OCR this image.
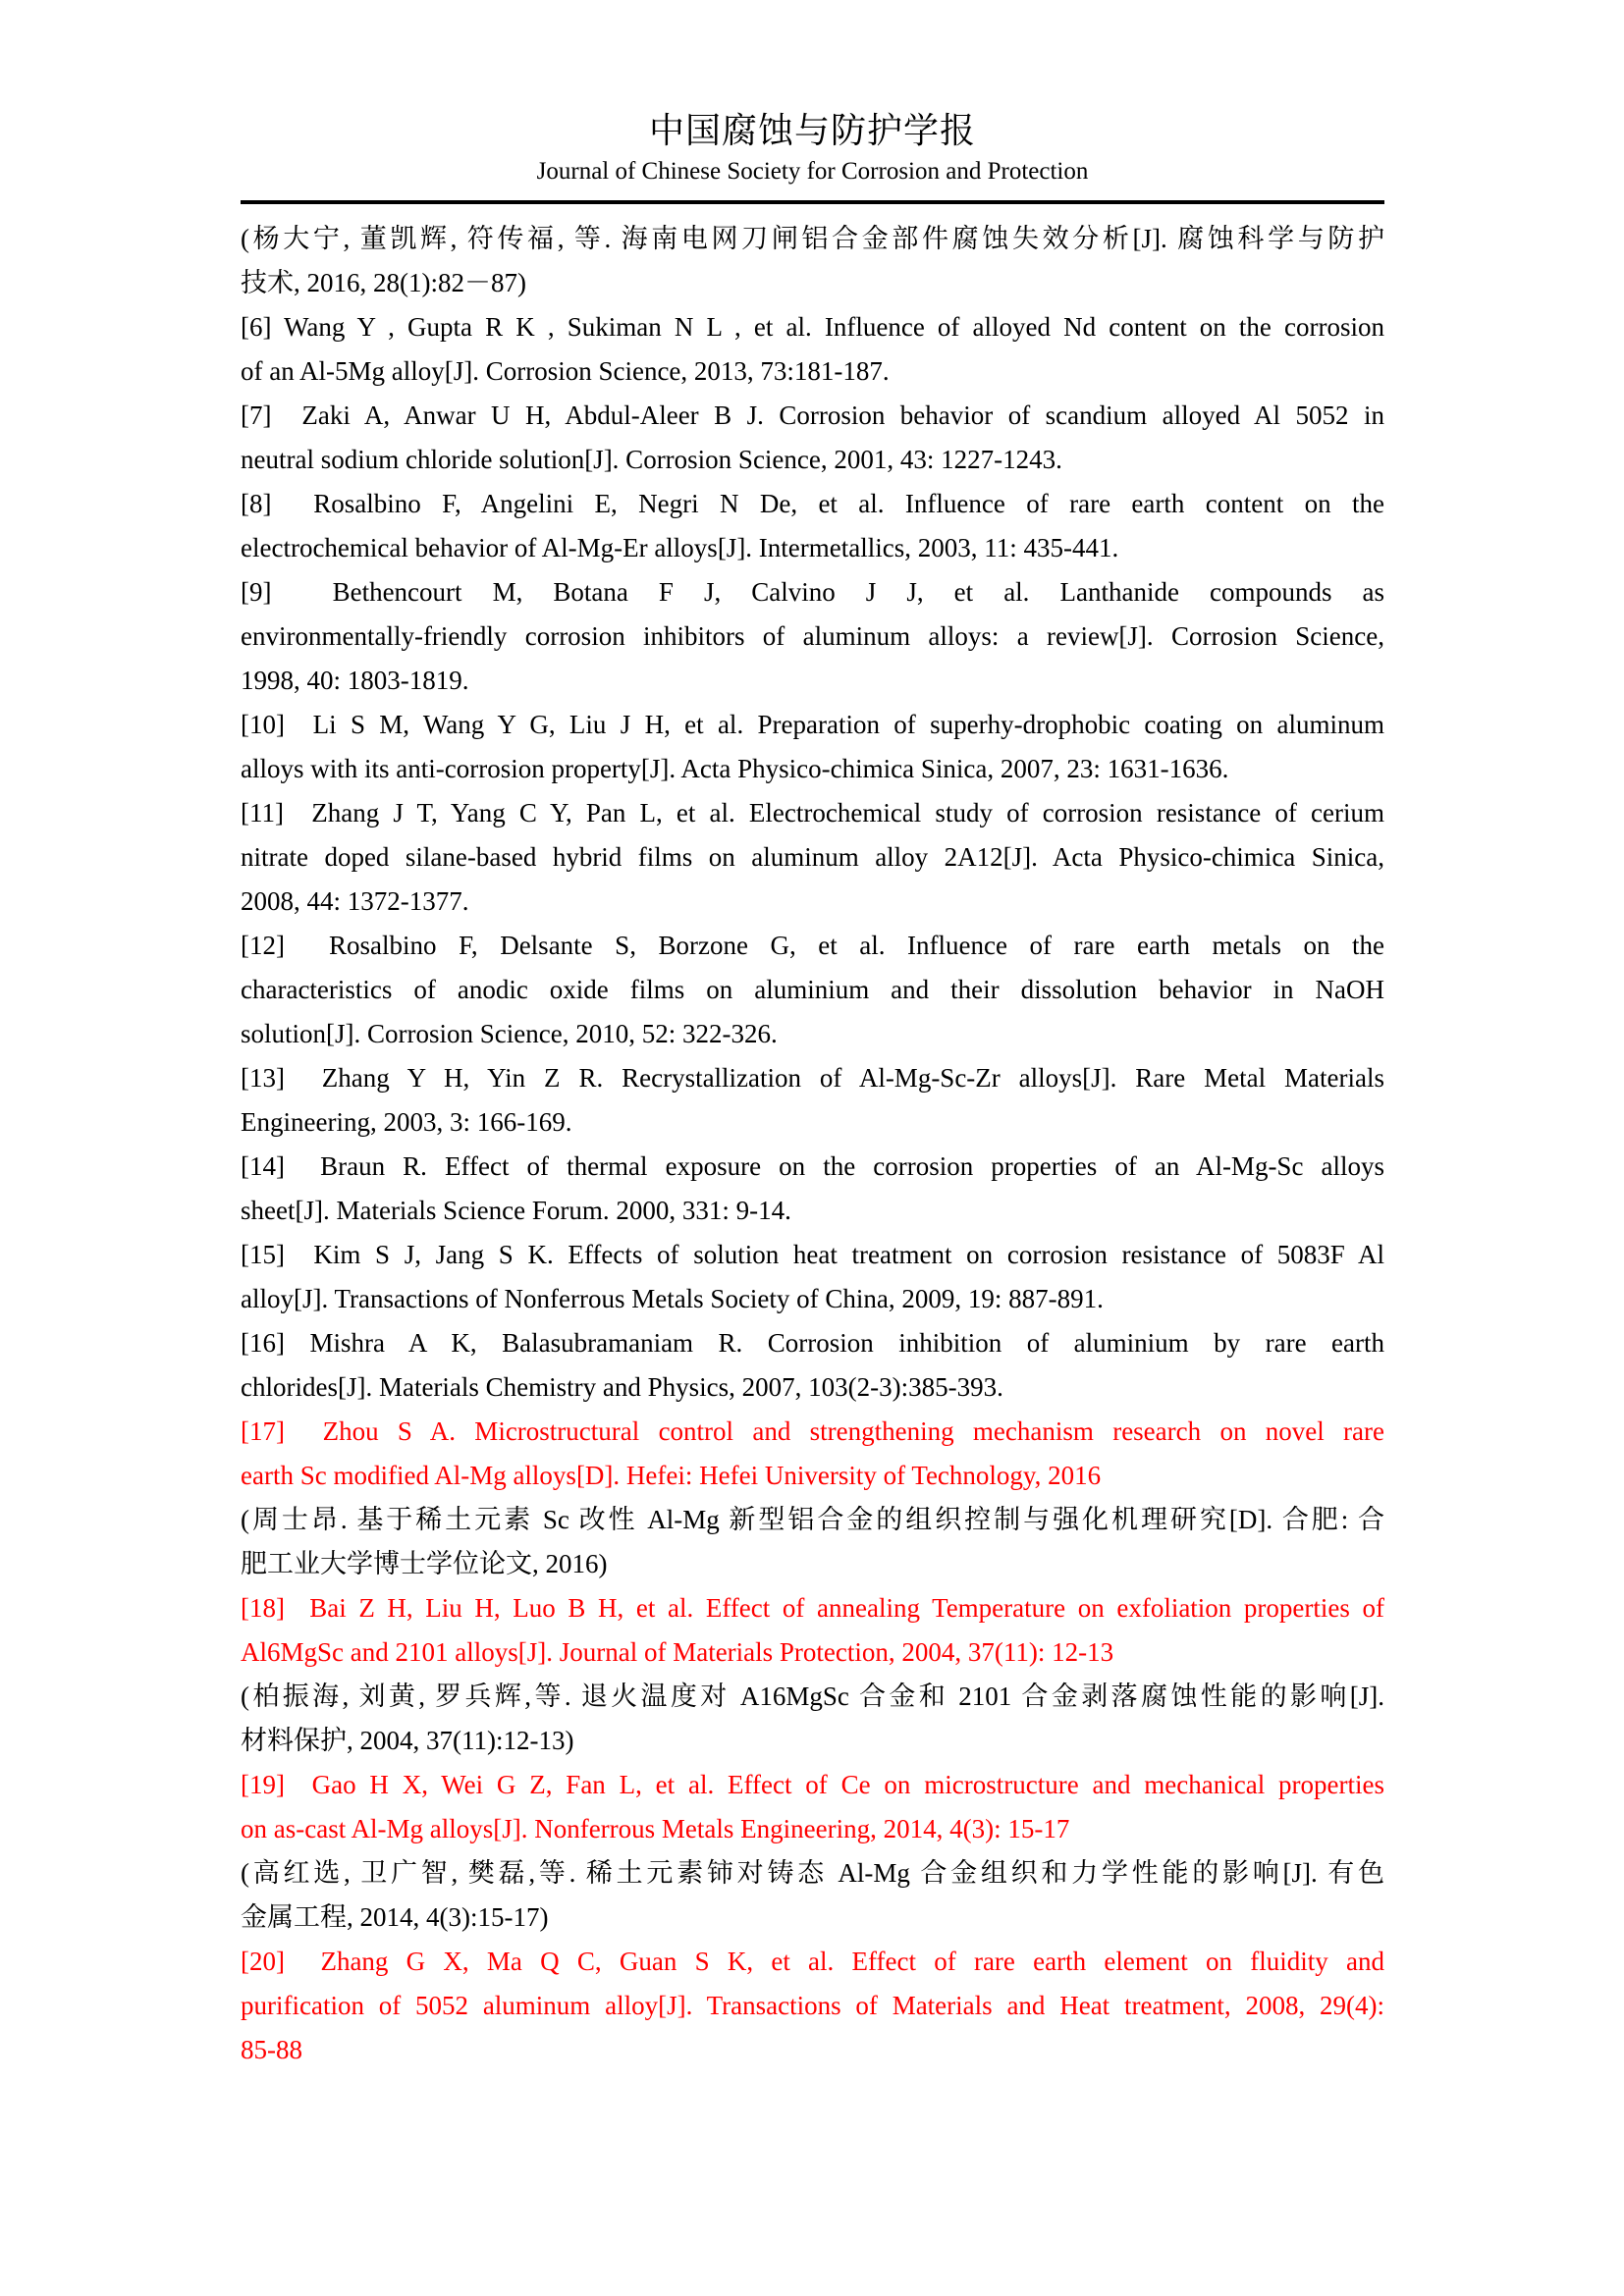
中国腐蚀与防护学报
Journal of Chinese Society for Corrosion and Protection
(杨大宁, 董凯辉, 符传福, 等. 海南电网刀闸铝合金部件腐蚀失效分析[J]. 腐蚀科学与防护
技术, 2016, 28(1):82－87)
[6] Wang Y , Gupta R K , Sukiman N L , et al. Influence of alloyed Nd content on the corrosion
of an Al-5Mg alloy[J]. Corrosion Science, 2013, 73:181-187.
[7]  Zaki A, Anwar U H, Abdul-Aleer B J. Corrosion behavior of scandium alloyed Al 5052 in
neutral sodium chloride solution[J]. Corrosion Science, 2001, 43: 1227-1243.
[8]  Rosalbino F, Angelini E, Negri N De, et al. Influence of rare earth content on the
electrochemical behavior of Al-Mg-Er alloys[J]. Intermetallics, 2003, 11: 435-441.
[9]  Bethencourt M, Botana F J, Calvino J J, et al. Lanthanide compounds as
environmentally-friendly corrosion inhibitors of aluminum alloys: a review[J]. Corrosion Science,
1998, 40: 1803-1819.
[10]  Li S M, Wang Y G, Liu J H, et al. Preparation of superhy-drophobic coating on aluminum
alloys with its anti-corrosion property[J]. Acta Physico-chimica Sinica, 2007, 23: 1631-1636.
[11]  Zhang J T, Yang C Y, Pan L, et al. Electrochemical study of corrosion resistance of cerium
nitrate doped silane-based hybrid films on aluminum alloy 2A12[J]. Acta Physico-chimica Sinica,
2008, 44: 1372-1377.
[12]  Rosalbino F, Delsante S, Borzone G, et al. Influence of rare earth metals on the
characteristics of anodic oxide films on aluminium and their dissolution behavior in NaOH
solution[J]. Corrosion Science, 2010, 52: 322-326.
[13]  Zhang Y H, Yin Z R. Recrystallization of Al-Mg-Sc-Zr alloys[J]. Rare Metal Materials
Engineering, 2003, 3: 166-169.
[14]  Braun R. Effect of thermal exposure on the corrosion properties of an Al-Mg-Sc alloys
sheet[J]. Materials Science Forum. 2000, 331: 9-14.
[15]  Kim S J, Jang S K. Effects of solution heat treatment on corrosion resistance of 5083F Al
alloy[J]. Transactions of Nonferrous Metals Society of China, 2009, 19: 887-891.
[16] Mishra A K, Balasubramaniam R. Corrosion inhibition of aluminium by rare earth
chlorides[J]. Materials Chemistry and Physics, 2007, 103(2-3):385-393.
[17]  Zhou S A. Microstructural control and strengthening mechanism research on novel rare
earth Sc modified Al-Mg alloys[D]. Hefei: Hefei University of Technology, 2016
(周士昂. 基于稀土元素 Sc 改性 Al-Mg 新型铝合金的组织控制与强化机理研究[D]. 合肥: 合
肥工业大学博士学位论文, 2016)
[18]  Bai Z H, Liu H, Luo B H, et al. Effect of annealing Temperature on exfoliation properties of
Al6MgSc and 2101 alloys[J]. Journal of Materials Protection, 2004, 37(11): 12-13
(柏振海, 刘黄, 罗兵辉,等. 退火温度对 A16MgSc 合金和 2101 合金剥落腐蚀性能的影响[J].
材料保护, 2004, 37(11):12-13)
[19]  Gao H X, Wei G Z, Fan L, et al. Effect of Ce on microstructure and mechanical properties
on as-cast Al-Mg alloys[J]. Nonferrous Metals Engineering, 2014, 4(3): 15-17
(高红选, 卫广智, 樊磊,等. 稀土元素铈对铸态 Al-Mg 合金组织和力学性能的影响[J]. 有色
金属工程, 2014, 4(3):15-17)
[20]  Zhang G X, Ma Q C, Guan S K, et al. Effect of rare earth element on fluidity and
purification of 5052 aluminum alloy[J]. Transactions of Materials and Heat treatment, 2008, 29(4):
85-88
